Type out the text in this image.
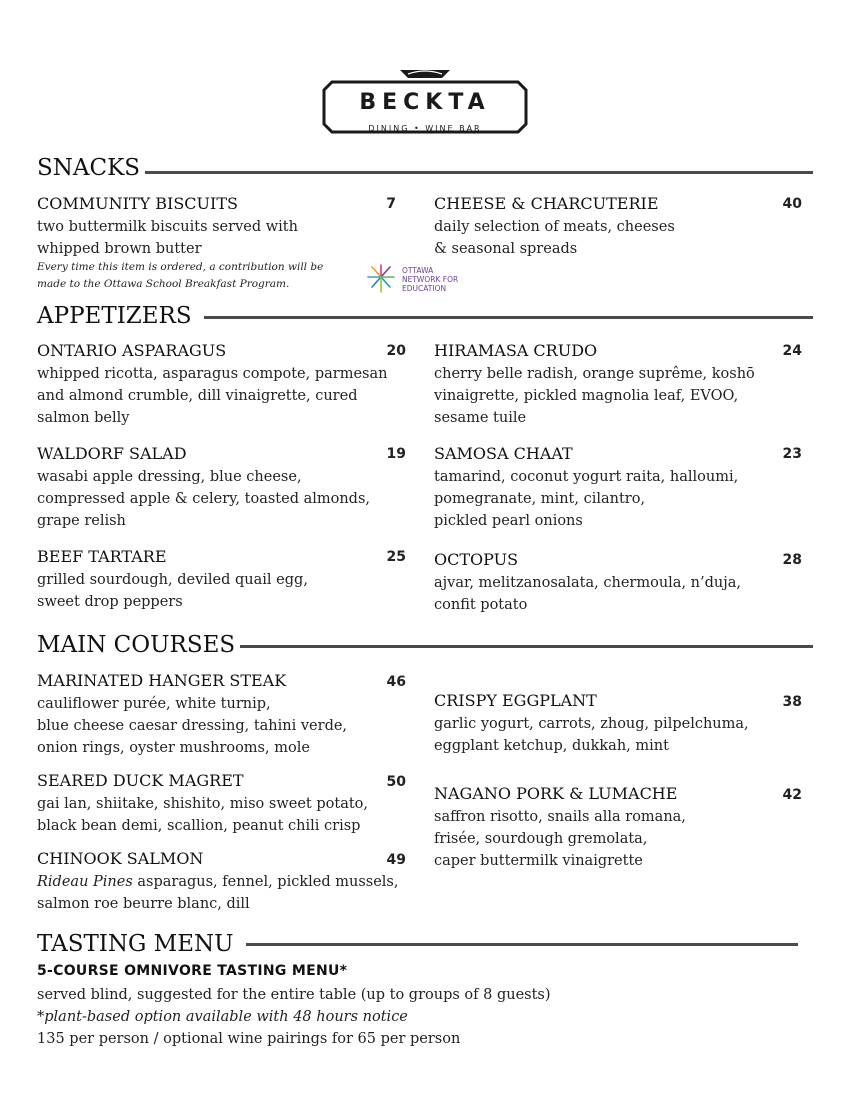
BECKTA
DINING • WINE BAR
SNACKS
COMMUNITY BISCUITS	7
two buttermilk biscuits served with
whipped brown butter
Every time this item is ordered, a contribution will be
made to the Ottawa School Breakfast Program.
OTTAWA
NETWORK FOR
EDUCATION
CHEESE & CHARCUTERIE	40
daily selection of meats, cheeses
& seasonal spreads
APPETIZERS
ONTARIO ASPARAGUS	20
whipped ricotta, asparagus compote, parmesan
and almond crumble, dill vinaigrette, cured
salmon belly
WALDORF SALAD	19
wasabi apple dressing, blue cheese,
compressed apple & celery, toasted almonds,
grape relish
BEEF TARTARE	25
grilled sourdough, deviled quail egg,
sweet drop peppers
HIRAMASA CRUDO	24
cherry belle radish, orange suprême, koshō
vinaigrette, pickled magnolia leaf, EVOO,
sesame tuile
SAMOSA CHAAT	23
tamarind, coconut yogurt raita, halloumi,
pomegranate, mint, cilantro,
pickled pearl onions
OCTOPUS	28
ajvar, melitzanosalata, chermoula, n’duja,
confit potato
MAIN COURSES
MARINATED HANGER STEAK	46
cauliflower purée, white turnip,
blue cheese caesar dressing, tahini verde,
onion rings, oyster mushrooms, mole
SEARED DUCK MAGRET	50
gai lan, shiitake, shishito, miso sweet potato,
black bean demi, scallion, peanut chili crisp
CHINOOK SALMON	49
Rideau Pines asparagus, fennel, pickled mussels,
salmon roe beurre blanc, dill
CRISPY EGGPLANT	38
garlic yogurt, carrots, zhoug, pilpelchuma,
eggplant ketchup, dukkah, mint
NAGANO PORK & LUMACHE	42
saffron risotto, snails alla romana,
frisée, sourdough gremolata,
caper buttermilk vinaigrette
TASTING MENU
5-COURSE OMNIVORE TASTING MENU*
served blind, suggested for the entire table (up to groups of 8 guests)
*plant-based option available with 48 hours notice
135 per person / optional wine pairings for 65 per person
